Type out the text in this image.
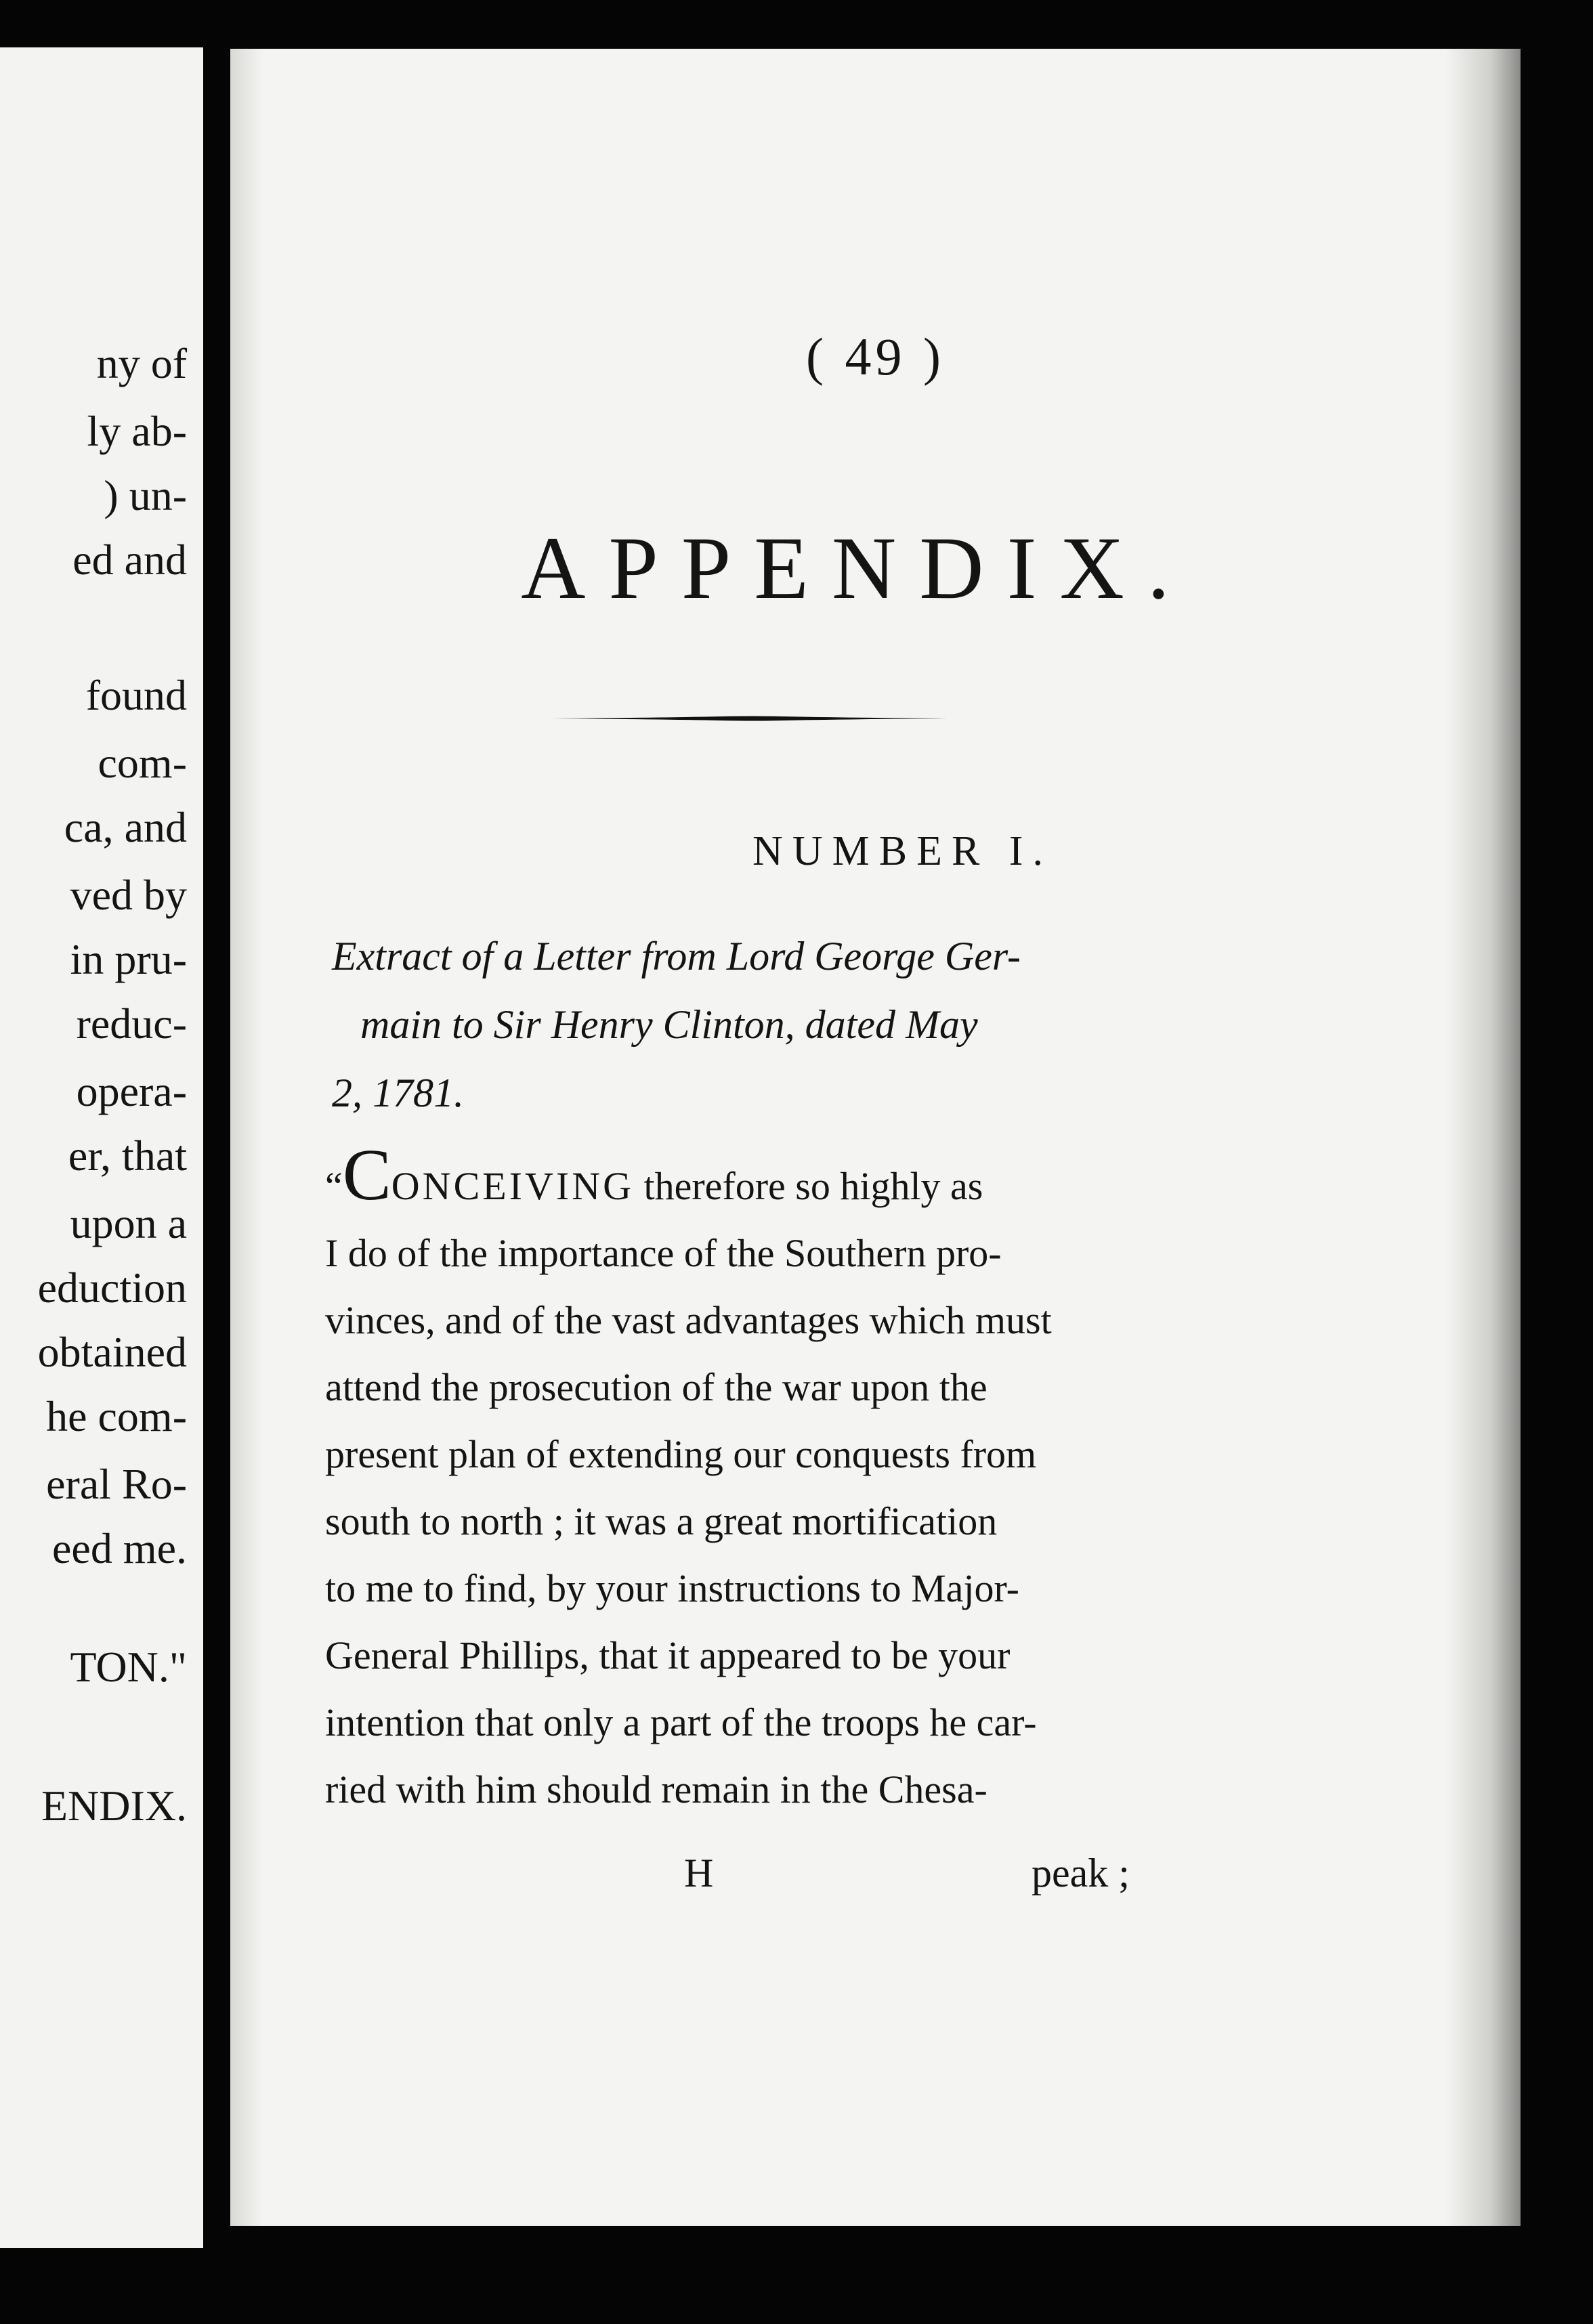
ny of
ly ab-
) un-
ed and
found
com-
ca, and
ved by
in pru-
reduc-
opera-
er, that
upon a
eduction
obtained
he com-
eral Ro-
eed me.
TON."
ENDIX.
( 49 )
APPENDIX.
NUMBER I.
Extract of a Letter from Lord George Ger-
main to Sir Henry Clinton, dated May
2, 1781.
“CONCEIVING therefore so highly as
I do of the importance of the Southern pro-
vinces, and of the vast advantages which must
attend the prosecution of the war upon the
present plan of extending our conquests from
south to north ; it was a great mortification
to me to find, by your instructions to Major-
General Phillips, that it appeared to be your
intention that only a part of the troops he car-
ried with him should remain in the Chesa-
H	peak ;
